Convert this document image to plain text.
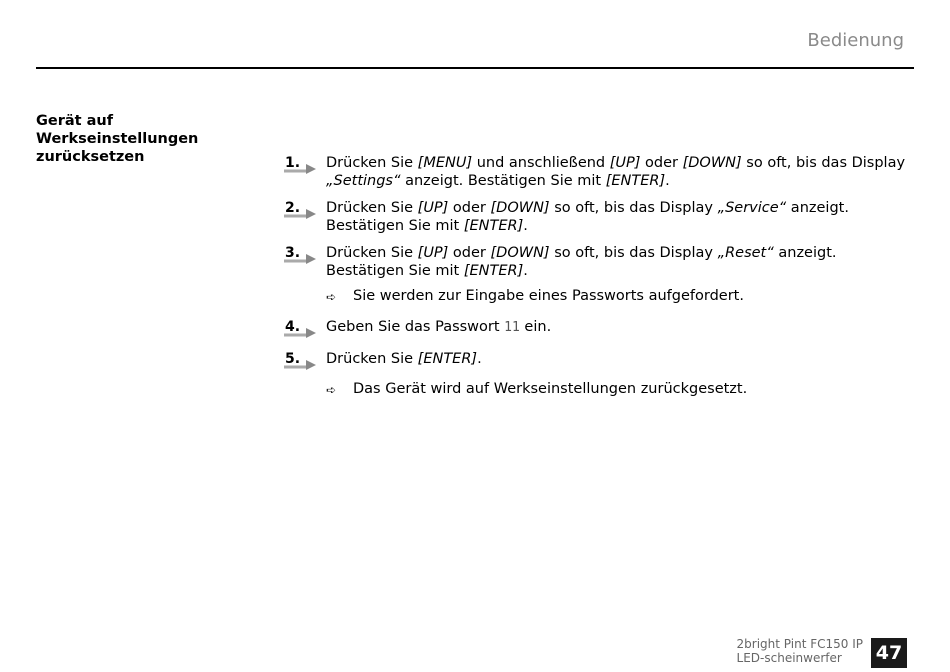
Bedienung
Gerät auf Werkseinstellungen zurücksetzen	1. Drücken Sie [MENU] und anschließend [UP] oder [DOWN] so oft, bis das Display „Settings“ anzeigt. Bestätigen Sie mit [ENTER].
2. Drücken Sie [UP] oder [DOWN] so oft, bis das Display „Service“ anzeigt. Bestätigen Sie mit [ENTER].
3. Drücken Sie [UP] oder [DOWN] so oft, bis das Display „Reset“ anzeigt. Bestätigen Sie mit [ENTER].
➪	Sie werden zur Eingabe eines Passworts aufgefordert.
4. Geben Sie das Passwort 11 ein.
5. Drücken Sie [ENTER].
➪	Das Gerät wird auf Werkseinstellungen zurückgesetzt.
2bright Pint FC150 IP
LED-scheinwerfer	47
